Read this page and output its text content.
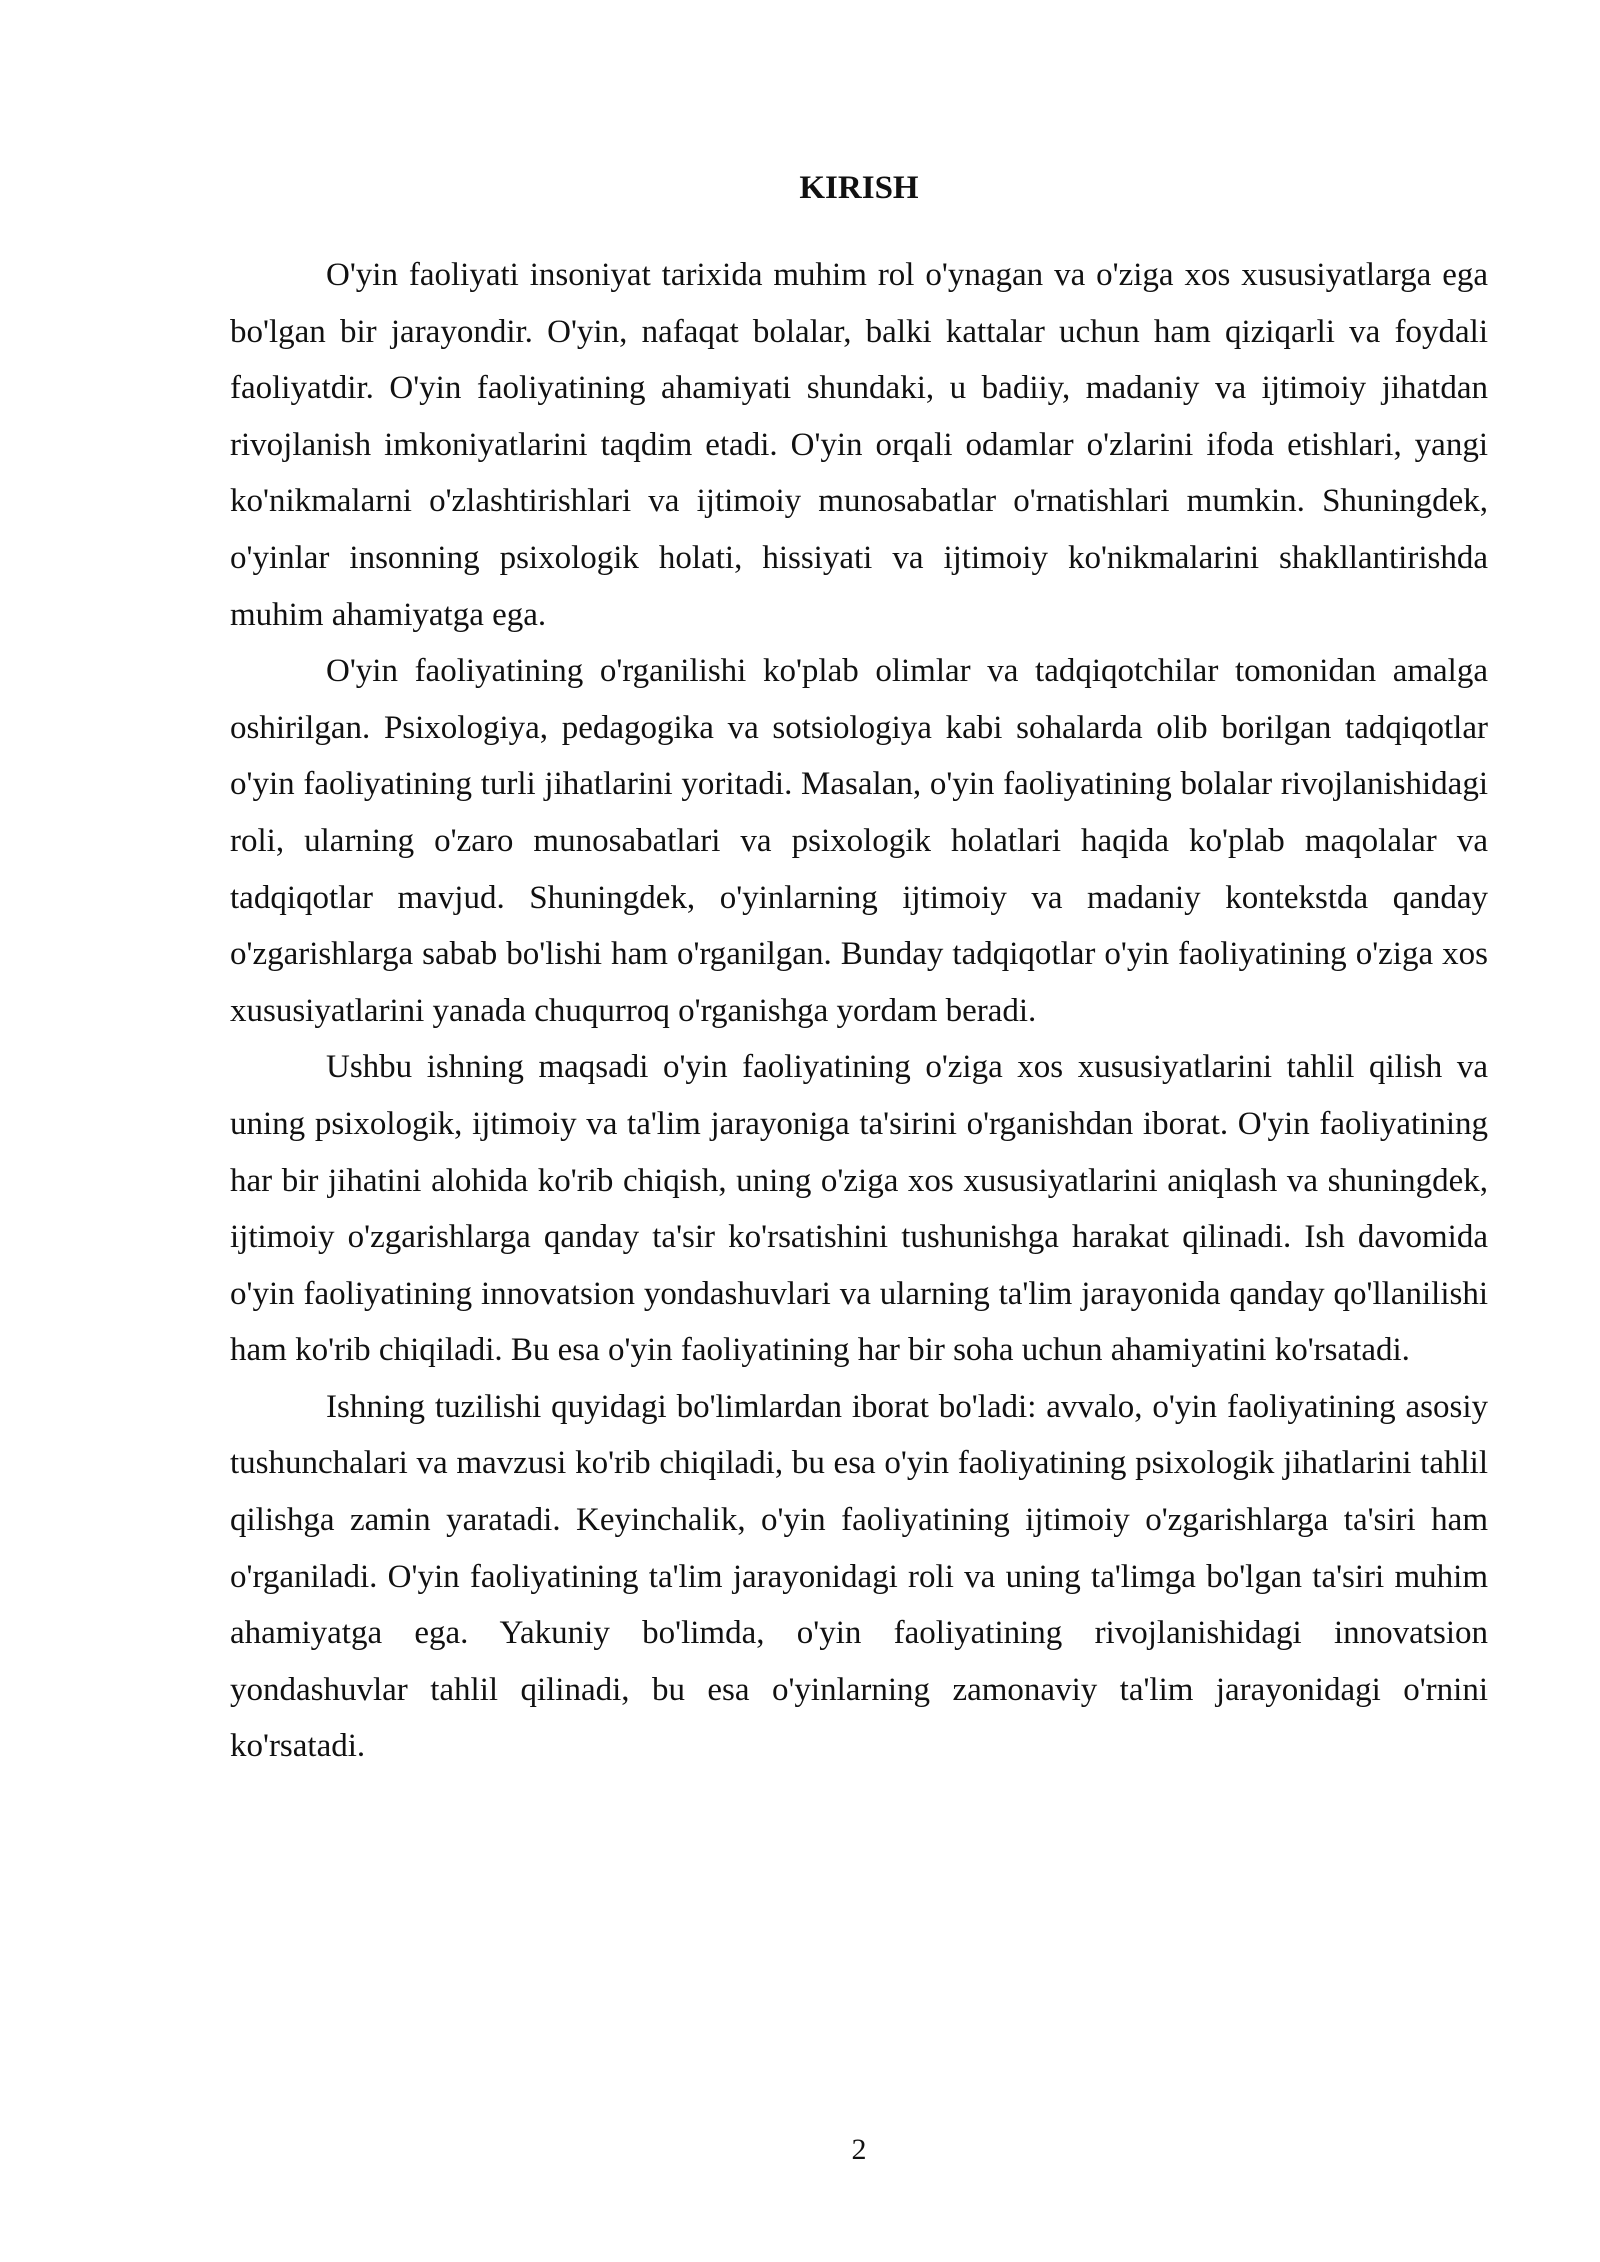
KIRISH

O'yin faoliyati insoniyat tarixida muhim rol o'ynagan va o'ziga xos xususiyatlarga ega bo'lgan bir jarayondir. O'yin, nafaqat bolalar, balki kattalar uchun ham qiziqarli va foydali faoliyatdir. O'yin faoliyatining ahamiyati shundaki, u badiiy, madaniy va ijtimoiy jihatdan rivojlanish imkoniyatlarini taqdim etadi. O'yin orqali odamlar o'zlarini ifoda etishlari, yangi ko'nikmalarni o'zlashtirishlari va ijtimoiy munosabatlar o'rnatishlari mumkin. Shuningdek, o'yinlar insonning psixologik holati, hissiyati va ijtimoiy ko'nikmalarini shakllantirishda muhim ahamiyatga ega.

O'yin faoliyatining o'rganilishi ko'plab olimlar va tadqiqotchilar tomonidan amalga oshirilgan. Psixologiya, pedagogika va sotsiologiya kabi sohalarda olib borilgan tadqiqotlar o'yin faoliyatining turli jihatlarini yoritadi. Masalan, o'yin faoliyatining bolalar rivojlanishidagi roli, ularning o'zaro munosabatlari va psixologik holatlari haqida ko'plab maqolalar va tadqiqotlar mavjud. Shuningdek, o'yinlarning ijtimoiy va madaniy kontekstda qanday o'zgarishlarga sabab bo'lishi ham o'rganilgan. Bunday tadqiqotlar o'yin faoliyatining o'ziga xos xususiyatlarini yanada chuqurroq o'rganishga yordam beradi.

Ushbu ishning maqsadi o'yin faoliyatining o'ziga xos xususiyatlarini tahlil qilish va uning psixologik, ijtimoiy va ta'lim jarayoniga ta'sirini o'rganishdan iborat. O'yin faoliyatining har bir jihatini alohida ko'rib chiqish, uning o'ziga xos xususiyatlarini aniqlash va shuningdek, ijtimoiy o'zgarishlarga qanday ta'sir ko'rsatishini tushunishga harakat qilinadi. Ish davomida o'yin faoliyatining innovatsion yondashuvlari va ularning ta'lim jarayonida qanday qo'llanilishi ham ko'rib chiqiladi. Bu esa o'yin faoliyatining har bir soha uchun ahamiyatini ko'rsatadi.

Ishning tuzilishi quyidagi bo'limlardan iborat bo'ladi: avvalo, o'yin faoliyatining asosiy tushunchalari va mavzusi ko'rib chiqiladi, bu esa o'yin faoliyatining psixologik jihatlarini tahlil qilishga zamin yaratadi. Keyinchalik, o'yin faoliyatining ijtimoiy o'zgarishlarga ta'siri ham o'rganiladi. O'yin faoliyatining ta'lim jarayonidagi roli va uning ta'limga bo'lgan ta'siri muhim ahamiyatga ega. Yakuniy bo'limda, o'yin faoliyatining rivojlanishidagi innovatsion yondashuvlar tahlil qilinadi, bu esa o'yinlarning zamonaviy ta'lim jarayonidagi o'rnini ko'rsatadi.

2
